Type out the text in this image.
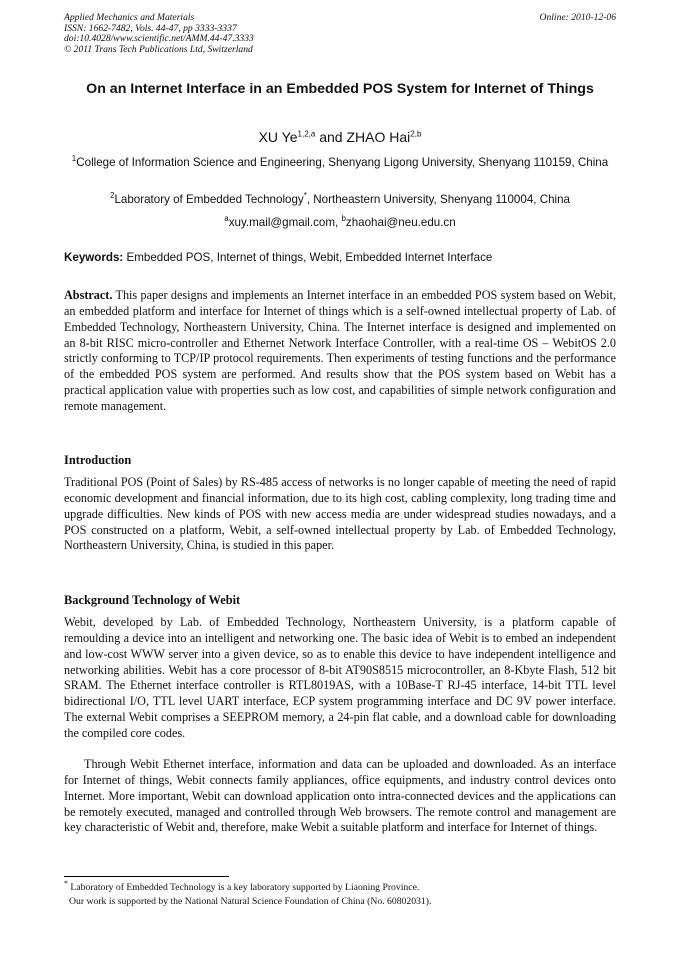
Applied Mechanics and Materials
ISSN: 1662-7482, Vols. 44-47, pp 3333-3337
doi:10.4028/www.scientific.net/AMM.44-47.3333
© 2011 Trans Tech Publications Ltd, Switzerland
Online: 2010-12-06
On an Internet Interface in an Embedded POS System for Internet of Things
XU Ye$^{1,2,a}$ and ZHAO Hai$^{2,b}$
$^1$College of Information Science and Engineering, Shenyang Ligong University, Shenyang 110159, China
$^2$Laboratory of Embedded Technology*, Northeastern University, Shenyang 110004, China
$^a$xuy.mail@gmail.com, $^b$zhaohai@neu.edu.cn
Keywords: Embedded POS, Internet of things, Webit, Embedded Internet Interface
Abstract. This paper designs and implements an Internet interface in an embedded POS system based on Webit, an embedded platform and interface for Internet of things which is a self-owned intellectual property of Lab. of Embedded Technology, Northeastern University, China. The Internet interface is designed and implemented on an 8-bit RISC micro-controller and Ethernet Network Interface Controller, with a real-time OS – WebitOS 2.0 strictly conforming to TCP/IP protocol requirements. Then experiments of testing functions and the performance of the embedded POS system are performed. And results show that the POS system based on Webit has a practical application value with properties such as low cost, and capabilities of simple network configuration and remote management.
Introduction
Traditional POS (Point of Sales) by RS-485 access of networks is no longer capable of meeting the need of rapid economic development and financial information, due to its high cost, cabling complexity, long trading time and upgrade difficulties. New kinds of POS with new access media are under widespread studies nowadays, and a POS constructed on a platform, Webit, a self-owned intellectual property by Lab. of Embedded Technology, Northeastern University, China, is studied in this paper.
Background Technology of Webit
Webit, developed by Lab. of Embedded Technology, Northeastern University, is a platform capable of remoulding a device into an intelligent and networking one. The basic idea of Webit is to embed an independent and low-cost WWW server into a given device, so as to enable this device to have independent intelligence and networking abilities. Webit has a core processor of 8-bit AT90S8515 microcontroller, an 8-Kbyte Flash, 512 bit SRAM. The Ethernet interface controller is RTL8019AS, with a 10Base-T RJ-45 interface, 14-bit TTL level bidirectional I/O, TTL level UART interface, ECP system programming interface and DC 9V power interface. The external Webit comprises a SEEPROM memory, a 24-pin flat cable, and a download cable for downloading the compiled core codes.
Through Webit Ethernet interface, information and data can be uploaded and downloaded. As an interface for Internet of things, Webit connects family appliances, office equipments, and industry control devices onto Internet. More important, Webit can download application onto intra-connected devices and the applications can be remotely executed, managed and controlled through Web browsers. The remote control and management are key characteristic of Webit and, therefore, make Webit a suitable platform and interface for Internet of things.
* Laboratory of Embedded Technology is a key laboratory supported by Liaoning Province.
Our work is supported by the National Natural Science Foundation of China (No. 60802031).
